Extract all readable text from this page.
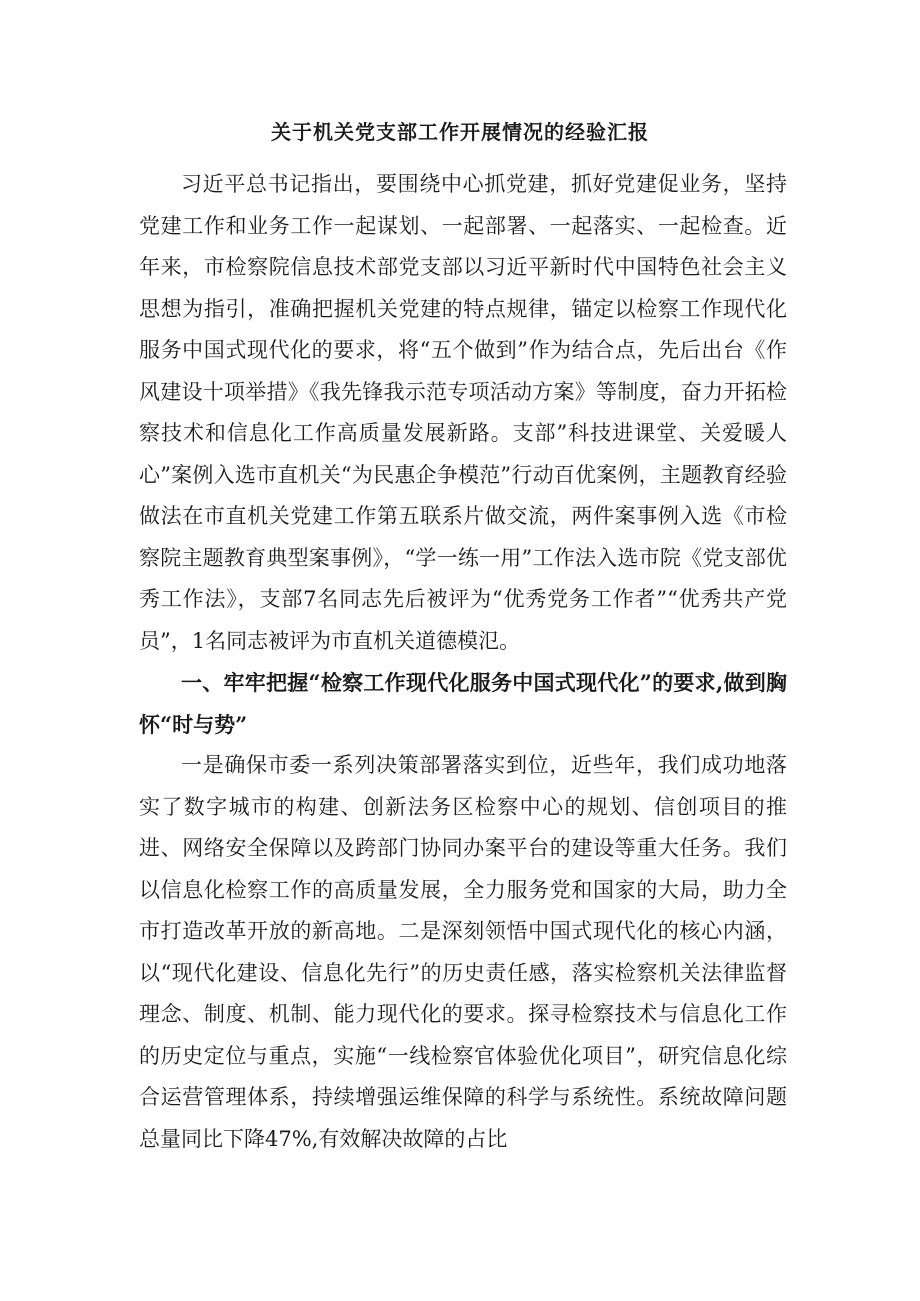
关于机关党支部工作开展情况的经验汇报

习近平总书记指出，要围绕中心抓党建，抓好党建促业务，坚持党建工作和业务工作一起谋划、一起部署、一起落实、一起检查。近年来，市检察院信息技术部党支部以习近平新时代中国特色社会主义思想为指引，准确把握机关党建的特点规律，锚定以检察工作现代化服务中国式现代化的要求，将“五个做到”作为结合点，先后出台《作风建设十项举措》《我先锋我示范专项活动方案》等制度，奋力开拓检察技术和信息化工作高质量发展新路。支部”科技进课堂、关爱暖人心”案例入选市直机关“为民惠企争模范”行动百优案例，主题教育经验做法在市直机关党建工作第五联系片做交流，两件案事例入选《市检察院主题教育典型案事例》，“学一练一用”工作法入选市院《党支部优秀工作法》，支部7名同志先后被评为“优秀党务工作者”“优秀共产党员”，1名同志被评为市直机关道德模氾。

一、牢牢把握“检察工作现代化服务中国式现代化”的要求,做到胸怀“时与势”

一是确保市委一系列决策部署落实到位，近些年，我们成功地落实了数字城市的构建、创新法务区检察中心的规划、信创项目的推进、网络安全保障以及跨部门协同办案平台的建设等重大任务。我们以信息化检察工作的高质量发展，全力服务党和国家的大局，助力全市打造改革开放的新高地。二是深刻领悟中国式现代化的核心内涵，以“现代化建设、信息化先行”的历史责任感，落实检察机关法律监督理念、制度、机制、能力现代化的要求。探寻检察技术与信息化工作的历史定位与重点，实施“一线检察官体验优化项目”，研究信息化综合运营管理体系，持续增强运维保障的科学与系统性。系统故障问题总量同比下降47%,有效解决故障的占比
